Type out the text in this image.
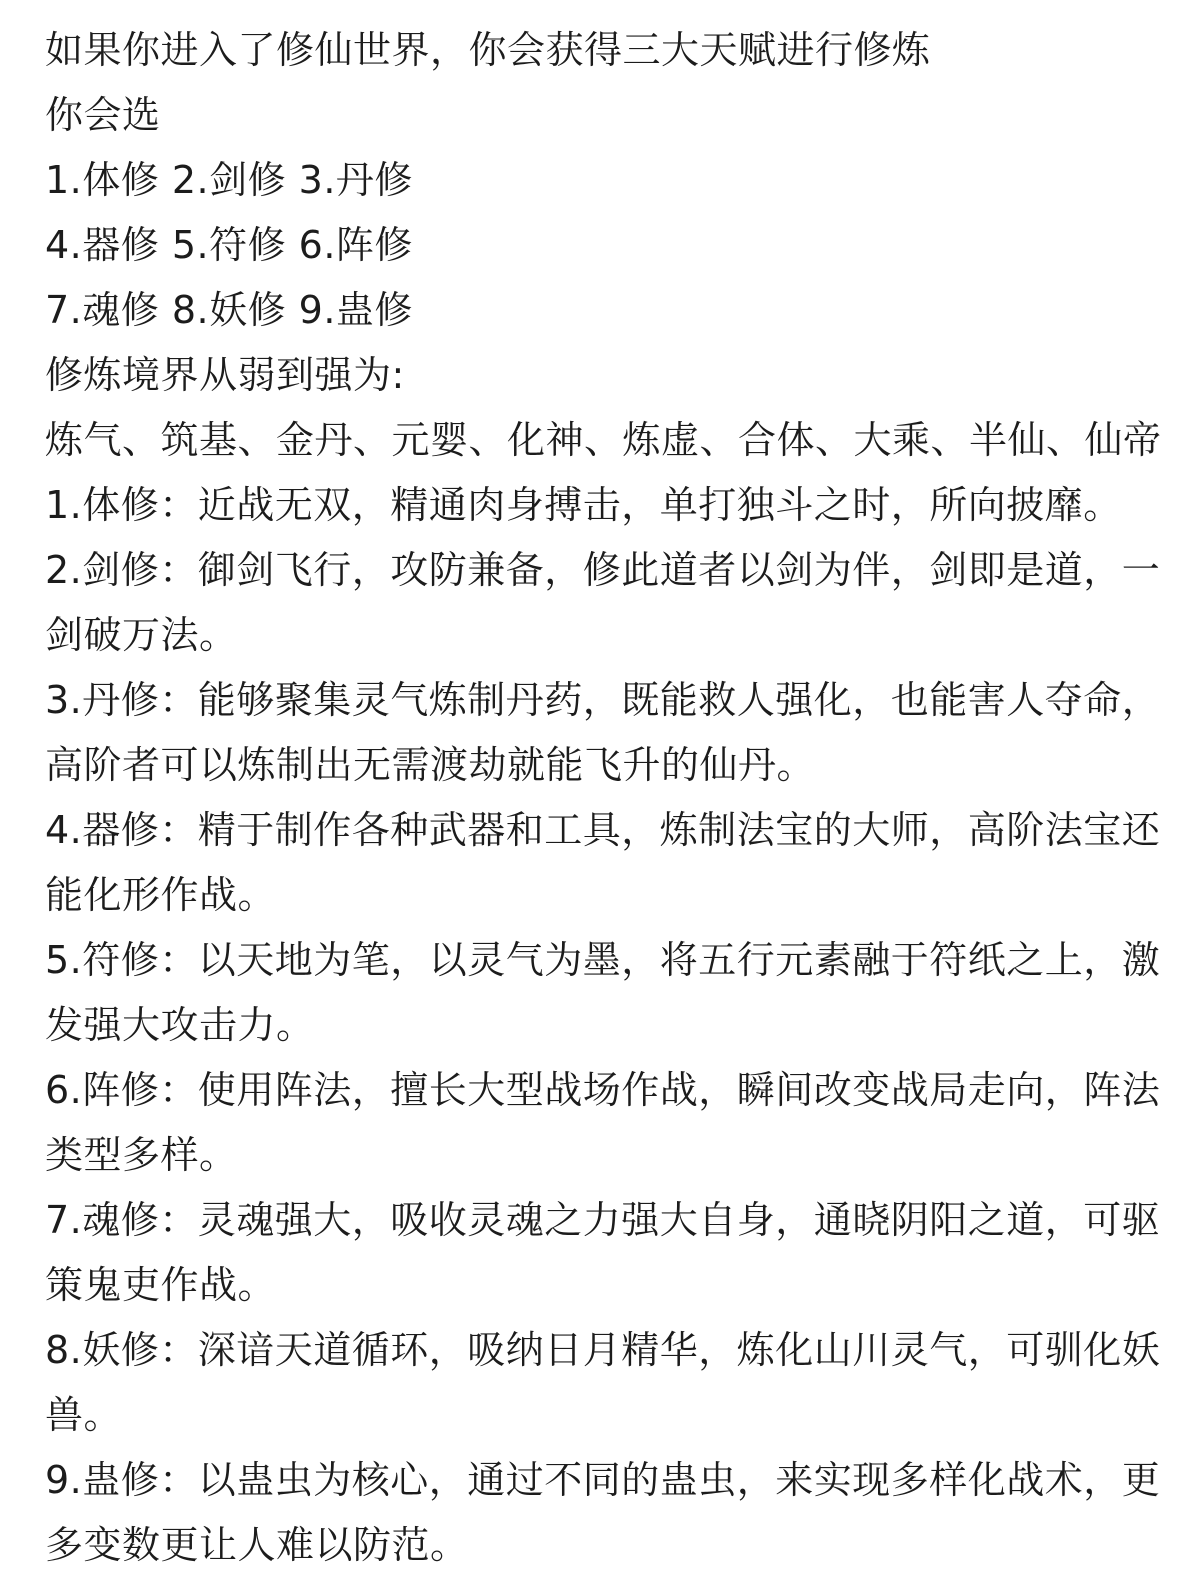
如果你进入了修仙世界，你会获得三大天赋进行修炼
你会选
1.体修 2.剑修 3.丹修
4.器修 5.符修 6.阵修
7.魂修 8.妖修 9.蛊修
修炼境界从弱到强为:
炼气、筑基、金丹、元婴、化神、炼虚、合体、大乘、半仙、仙帝
1.体修：近战无双，精通肉身搏击，单打独斗之时，所向披靡。
2.剑修：御剑飞行，攻防兼备，修此道者以剑为伴，剑即是道，一
剑破万法。
3.丹修：能够聚集灵气炼制丹药，既能救人强化，也能害人夺命，
高阶者可以炼制出无需渡劫就能飞升的仙丹。
4.器修：精于制作各种武器和工具，炼制法宝的大师，高阶法宝还
能化形作战。
5.符修：以天地为笔，以灵气为墨，将五行元素融于符纸之上，激
发强大攻击力。
6.阵修：使用阵法，擅长大型战场作战，瞬间改变战局走向，阵法
类型多样。
7.魂修：灵魂强大，吸收灵魂之力强大自身，通晓阴阳之道，可驱
策鬼吏作战。
8.妖修：深谙天道循环，吸纳日月精华，炼化山川灵气，可驯化妖
兽。
9.蛊修：以蛊虫为核心，通过不同的蛊虫，来实现多样化战术，更
多变数更让人难以防范。
